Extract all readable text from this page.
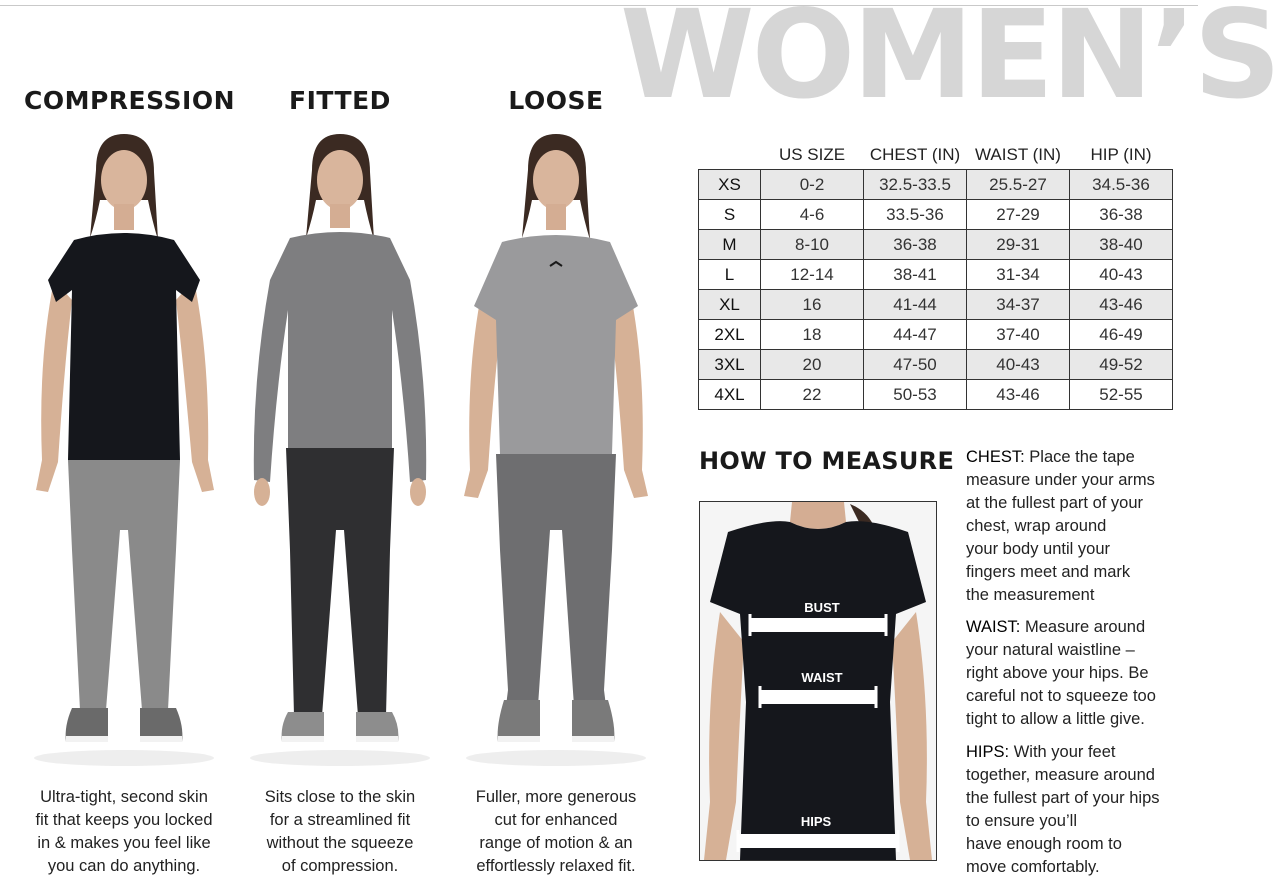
WOMEN’S
COMPRESSION	FITTED	LOOSE
Ultra-tight, second skin
fit that keeps you locked
in & makes you feel like
you can do anything.
Sits close to the skin
for a streamlined fit
without the squeeze
of compression.
Fuller, more generous
cut for enhanced
range of motion & an
effortlessly relaxed fit.
	US SIZE	CHEST (IN)	WAIST (IN)	HIP (IN)
XS	0-2	32.5-33.5	25.5-27	34.5-36
S	4-6	33.5-36	27-29	36-38
M	8-10	36-38	29-31	38-40
L	12-14	38-41	31-34	40-43
XL	16	41-44	34-37	43-46
2XL	18	44-47	37-40	46-49
3XL	20	47-50	40-43	49-52
4XL	22	50-53	43-46	52-55
HOW TO MEASURE
BUST
WAIST
HIPS
CHEST: Place the tape
measure under your arms
at the fullest part of your
chest, wrap around
your body until your
fingers meet and mark
the measurement
WAIST: Measure around
your natural waistline –
right above your hips. Be
careful not to squeeze too
tight to allow a little give.
HIPS: With your feet
together, measure around
the fullest part of your hips
to ensure you’ll
have enough room to
move comfortably.
